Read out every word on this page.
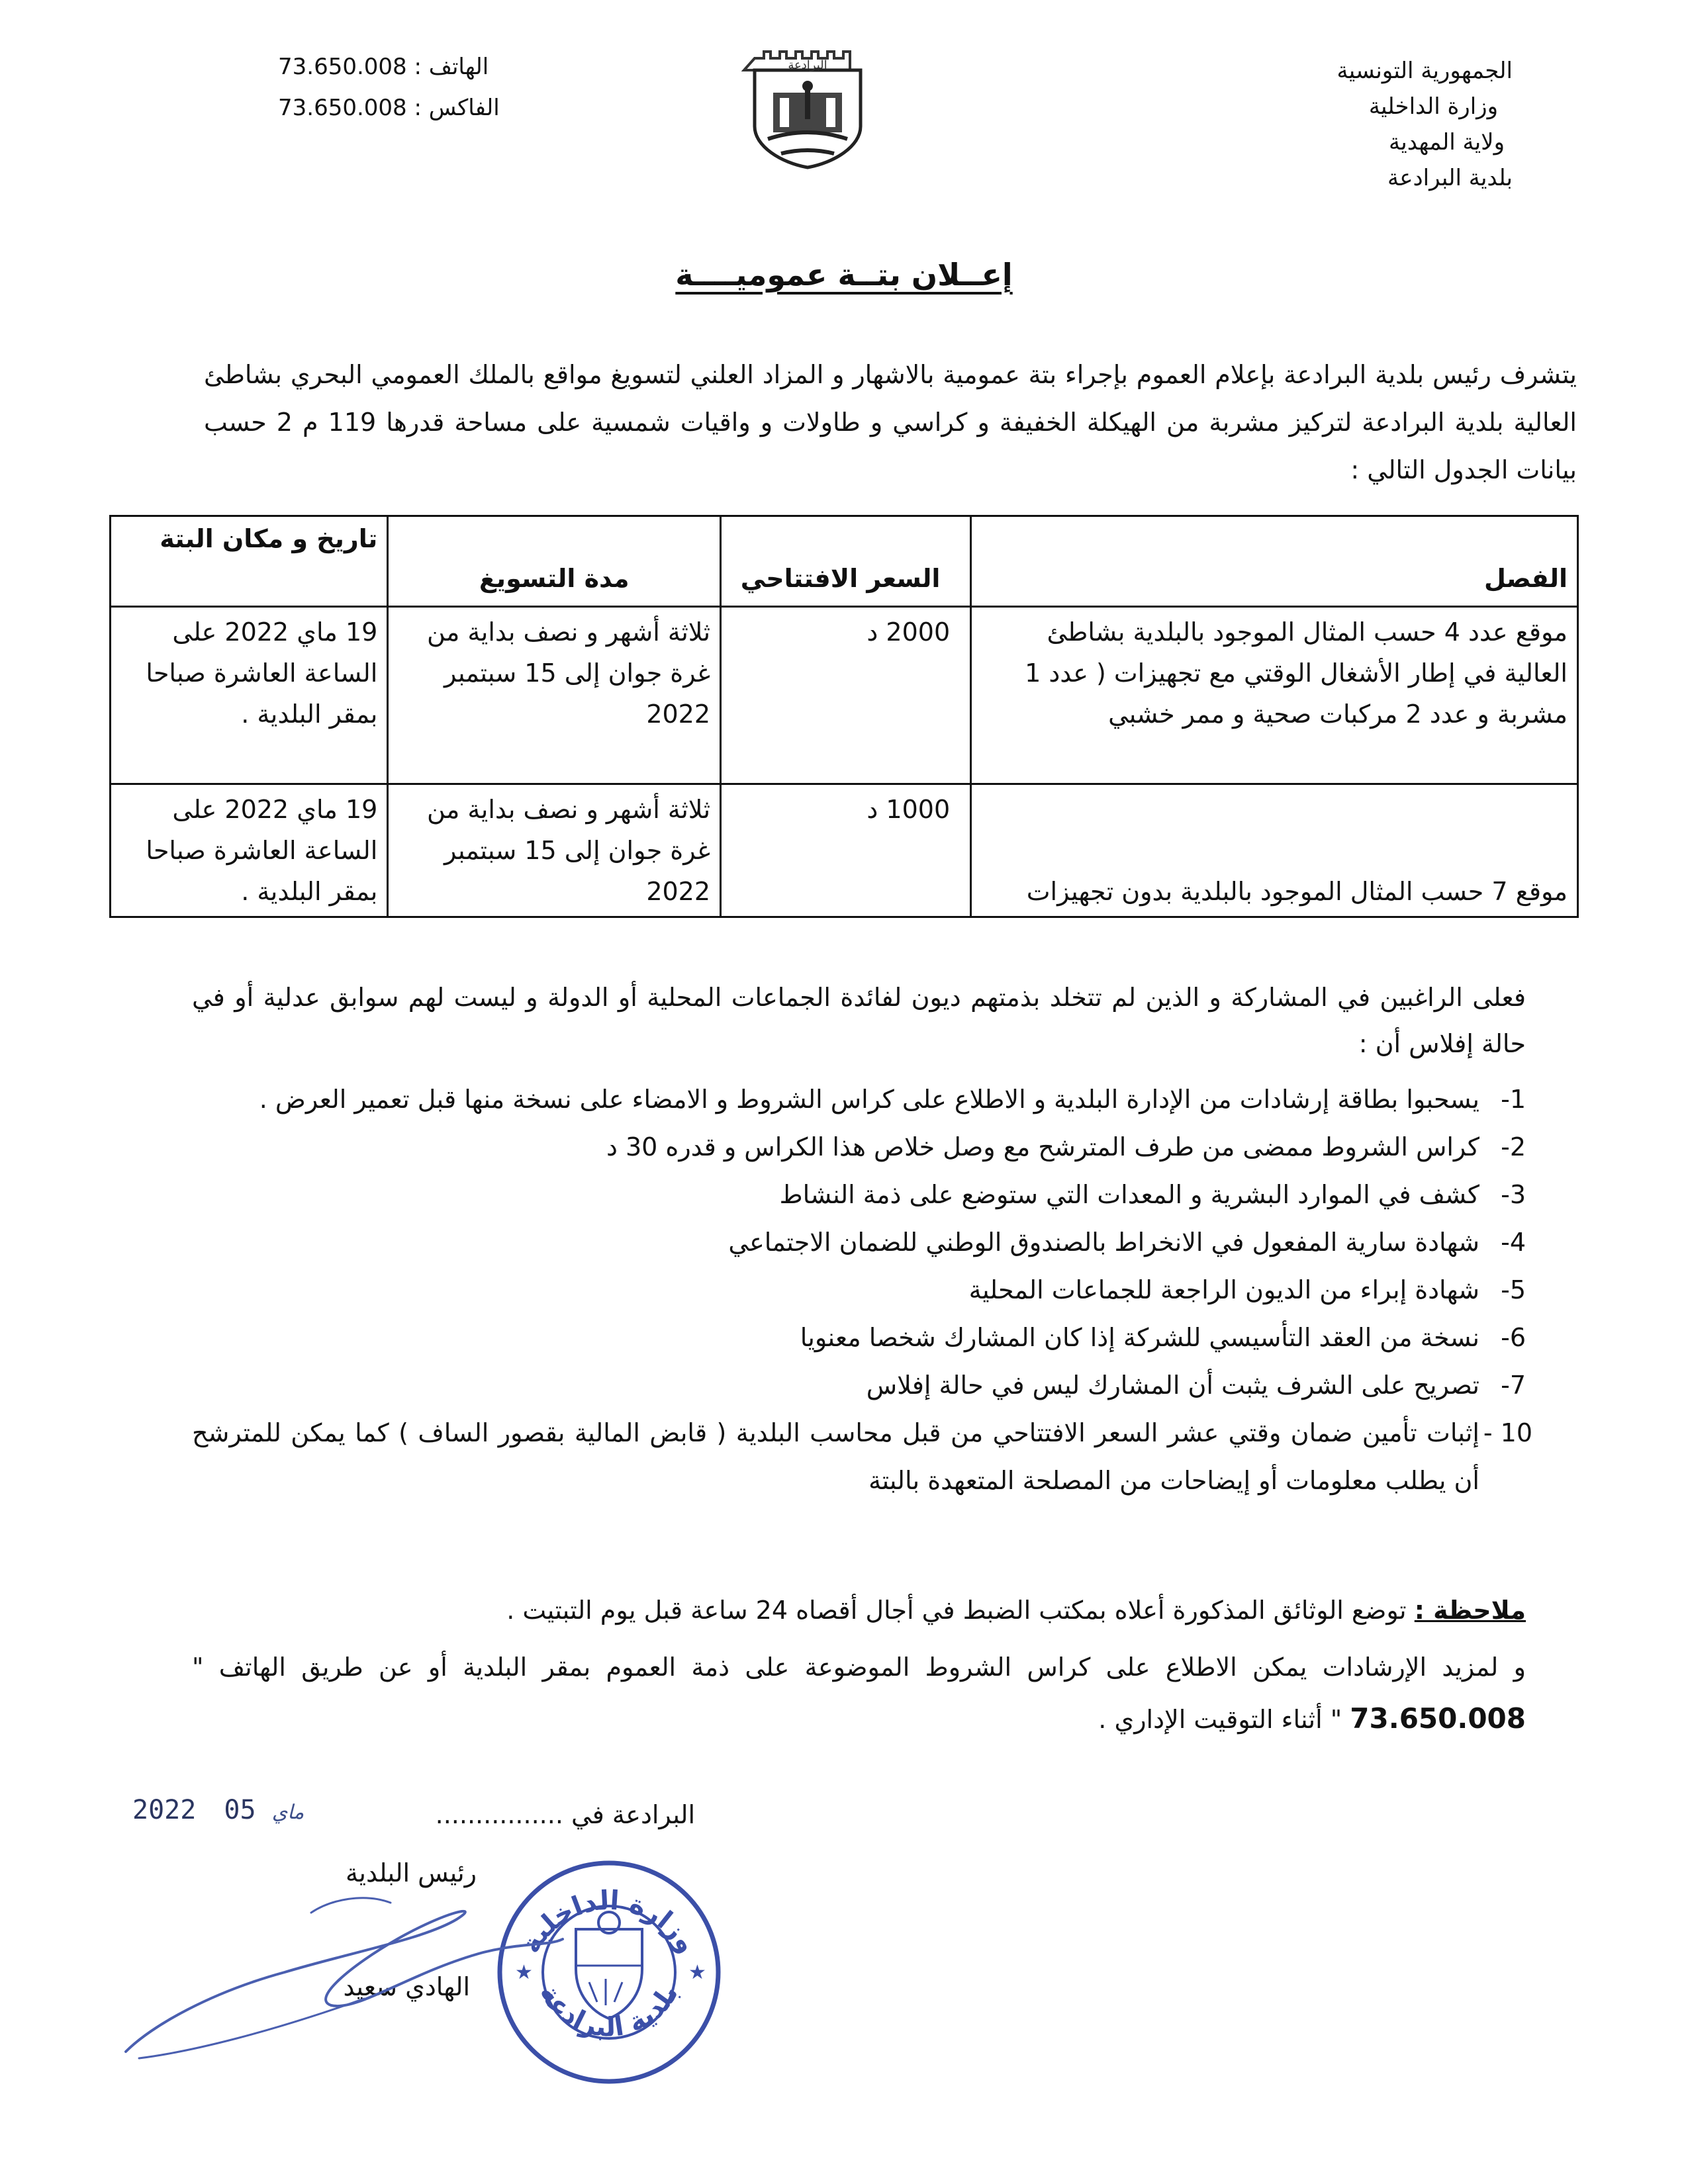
الجمهورية التونسية
وزارة الداخلية
ولاية المهدية
بلدية البرادعة
الهاتف : 73.650.008
الفاكس : 73.650.008
البرادعة
إعــلان بتــة عموميــــة
يتشرف رئيس بلدية البرادعة بإعلام العموم بإجراء بتة عمومية بالاشهار و المزاد العلني لتسويغ مواقع بالملك العمومي البحري بشاطئ العالية بلدية البرادعة لتركيز مشربة من الهيكلة الخفيفة و كراسي و طاولات و واقيات شمسية على مساحة قدرها 119 م 2 حسب بيانات الجدول التالي :
الفصل	السعر الافتتاحي	مدة التسويغ	تاريخ و مكان البتة
موقع عدد 4 حسب المثال الموجود بالبلدية بشاطئ العالية في إطار الأشغال الوقتي مع تجهيزات ( عدد 1 مشربة و عدد 2 مركبات صحية و ممر خشبي	2000 د	ثلاثة أشهر و نصف بداية من غرة جوان إلى 15 سبتمبر 2022	19 ماي 2022 على الساعة العاشرة صباحا بمقر البلدية .
موقع 7 حسب المثال الموجود بالبلدية بدون تجهيزات	1000 د	ثلاثة أشهر و نصف بداية من غرة جوان إلى 15 سبتمبر 2022	19 ماي 2022 على الساعة العاشرة صباحا بمقر البلدية .
فعلى الراغبين في المشاركة و الذين لم تتخلد بذمتهم ديون لفائدة الجماعات المحلية أو الدولة و ليست لهم سوابق عدلية أو في حالة إفلاس أن :
1-
يسحبوا بطاقة إرشادات من الإدارة البلدية و الاطلاع على كراس الشروط و الامضاء على نسخة منها قبل تعمير العرض .
2-
كراس الشروط ممضى من طرف المترشح مع وصل خلاص هذا الكراس و قدره 30 د
3-
كشف في الموارد البشرية و المعدات التي ستوضع على ذمة النشاط
4-
شهادة سارية المفعول في الانخراط بالصندوق الوطني للضمان الاجتماعي
5-
شهادة إبراء من الديون الراجعة للجماعات المحلية
6-
نسخة من العقد التأسيسي للشركة إذا كان المشارك شخصا معنويا
7-
تصريح على الشرف يثبت أن المشارك ليس في حالة إفلاس
10 -
إثبات تأمين ضمان وقتي عشر السعر الافتتاحي من قبل محاسب البلدية ( قابض المالية بقصور الساف ) كما يمكن للمترشح أن يطلب معلومات أو إيضاحات من المصلحة المتعهدة بالبتة
ملاحظة : توضع الوثائق المذكورة أعلاه بمكتب الضبط في أجال أقصاه 24 ساعة قبل يوم التبتيت .
و لمزيد الإرشادات يمكن الاطلاع على كراس الشروط الموضوعة على ذمة العموم بمقر البلدية أو عن طريق الهاتف " 73.650.008 " أثناء التوقيت الإداري .
البرادعة في ................
2022	ماي 05
رئيس البلدية
الهادي سعيد
وزارة الداخلية
بلدية البرادعة
★	★
